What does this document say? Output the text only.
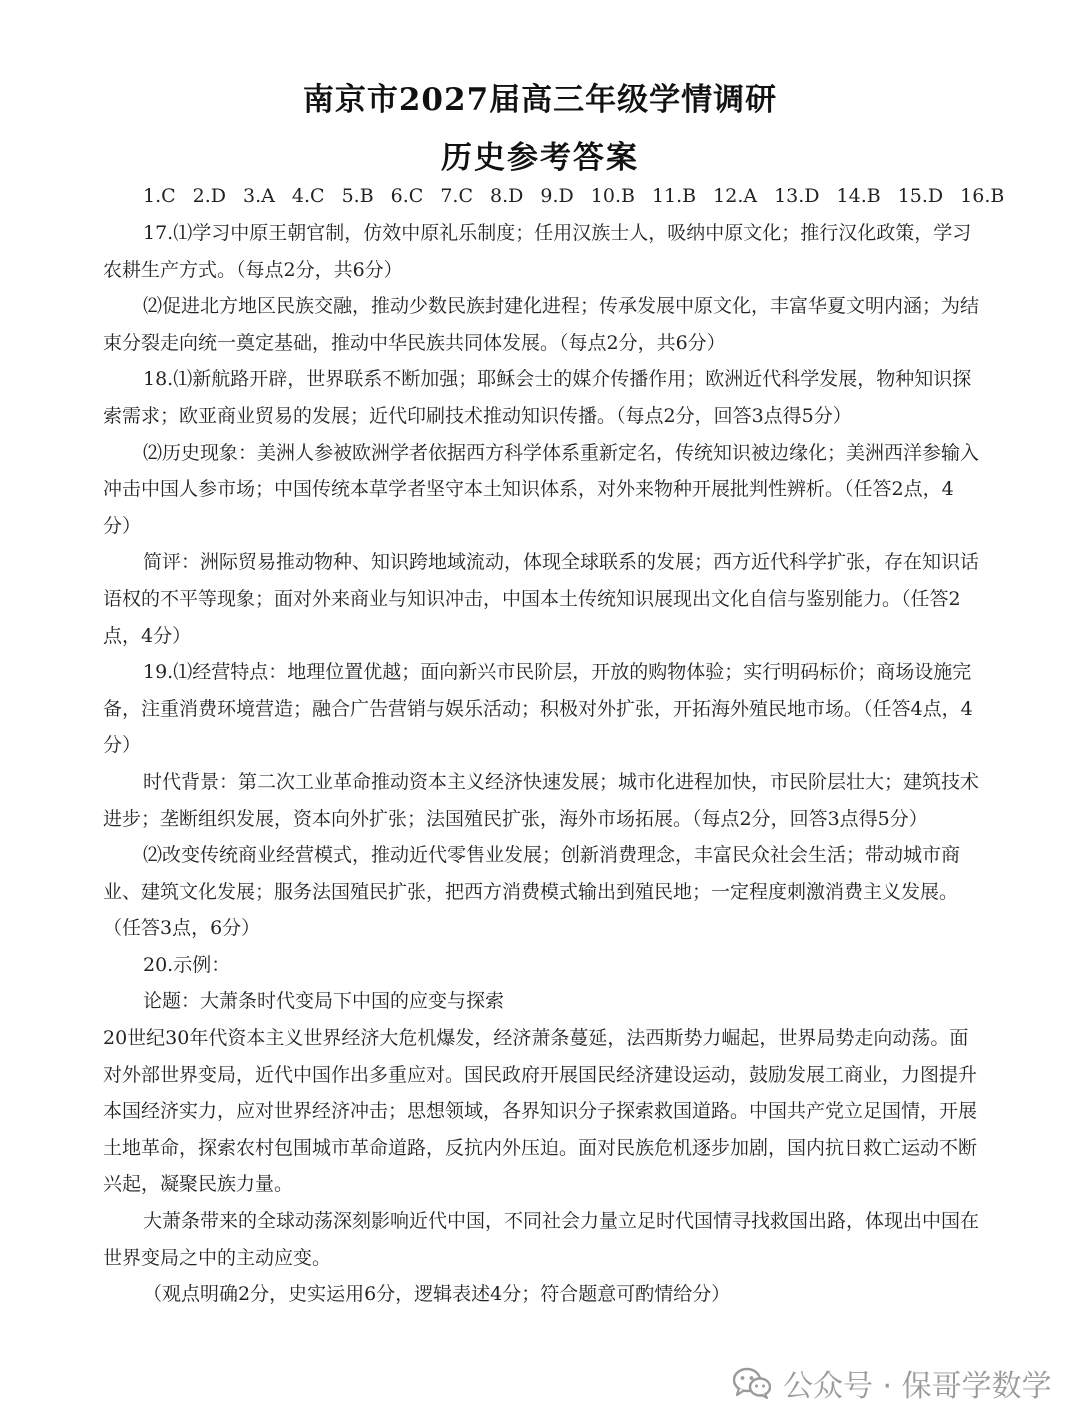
南京市2027届高三年级学情调研
历史参考答案
1.C 2.D 3.A 4.C 5.B 6.C 7.C 8.D 9.D 10.B 11.B 12.A 13.D 14.B 15.D 16.B

17.⑴学习中原王朝官制，仿效中原礼乐制度；任用汉族士人，吸纳中原文化；推行汉化政策，学习农耕生产方式。（每点2分，共6分）

⑵促进北方地区民族交融，推动少数民族封建化进程；传承发展中原文化，丰富华夏文明内涵；为结束分裂走向统一奠定基础，推动中华民族共同体发展。（每点2分，共6分）

18.⑴新航路开辟，世界联系不断加强；耶稣会士的媒介传播作用；欧洲近代科学发展，物种知识探索需求；欧亚商业贸易的发展；近代印刷技术推动知识传播。（每点2分，回答3点得5分）

⑵历史现象：美洲人参被欧洲学者依据西方科学体系重新定名，传统知识被边缘化；美洲西洋参输入冲击中国人参市场；中国传统本草学者坚守本土知识体系，对外来物种开展批判性辨析。（任答2点，4分）

简评：洲际贸易推动物种、知识跨地域流动，体现全球联系的发展；西方近代科学扩张，存在知识话语权的不平等现象；面对外来商业与知识冲击，中国本土传统知识展现出文化自信与鉴别能力。（任答2点，4分）

19.⑴经营特点：地理位置优越；面向新兴市民阶层，开放的购物体验；实行明码标价；商场设施完备，注重消费环境营造；融合广告营销与娱乐活动；积极对外扩张，开拓海外殖民地市场。（任答4点，4分）

时代背景：第二次工业革命推动资本主义经济快速发展；城市化进程加快，市民阶层壮大；建筑技术进步；垄断组织发展，资本向外扩张；法国殖民扩张，海外市场拓展。（每点2分，回答3点得5分）

⑵改变传统商业经营模式，推动近代零售业发展；创新消费理念，丰富民众社会生活；带动城市商业、建筑文化发展；服务法国殖民扩张，把西方消费模式输出到殖民地；一定程度刺激消费主义发展。（任答3点，6分）

20.示例：

论题：大萧条时代变局下中国的应变与探索

20世纪30年代资本主义世界经济大危机爆发，经济萧条蔓延，法西斯势力崛起，世界局势走向动荡。面对外部世界变局，近代中国作出多重应对。国民政府开展国民经济建设运动，鼓励发展工商业，力图提升本国经济实力，应对世界经济冲击；思想领域，各界知识分子探索救国道路。中国共产党立足国情，开展土地革命，探索农村包围城市革命道路，反抗内外压迫。面对民族危机逐步加剧，国内抗日救亡运动不断兴起，凝聚民族力量。

大萧条带来的全球动荡深刻影响近代中国，不同社会力量立足时代国情寻找救国出路，体现出中国在世界变局之中的主动应变。

（观点明确2分，史实运用6分，逻辑表述4分；符合题意可酌情给分）

公众号 · 保哥学数学
